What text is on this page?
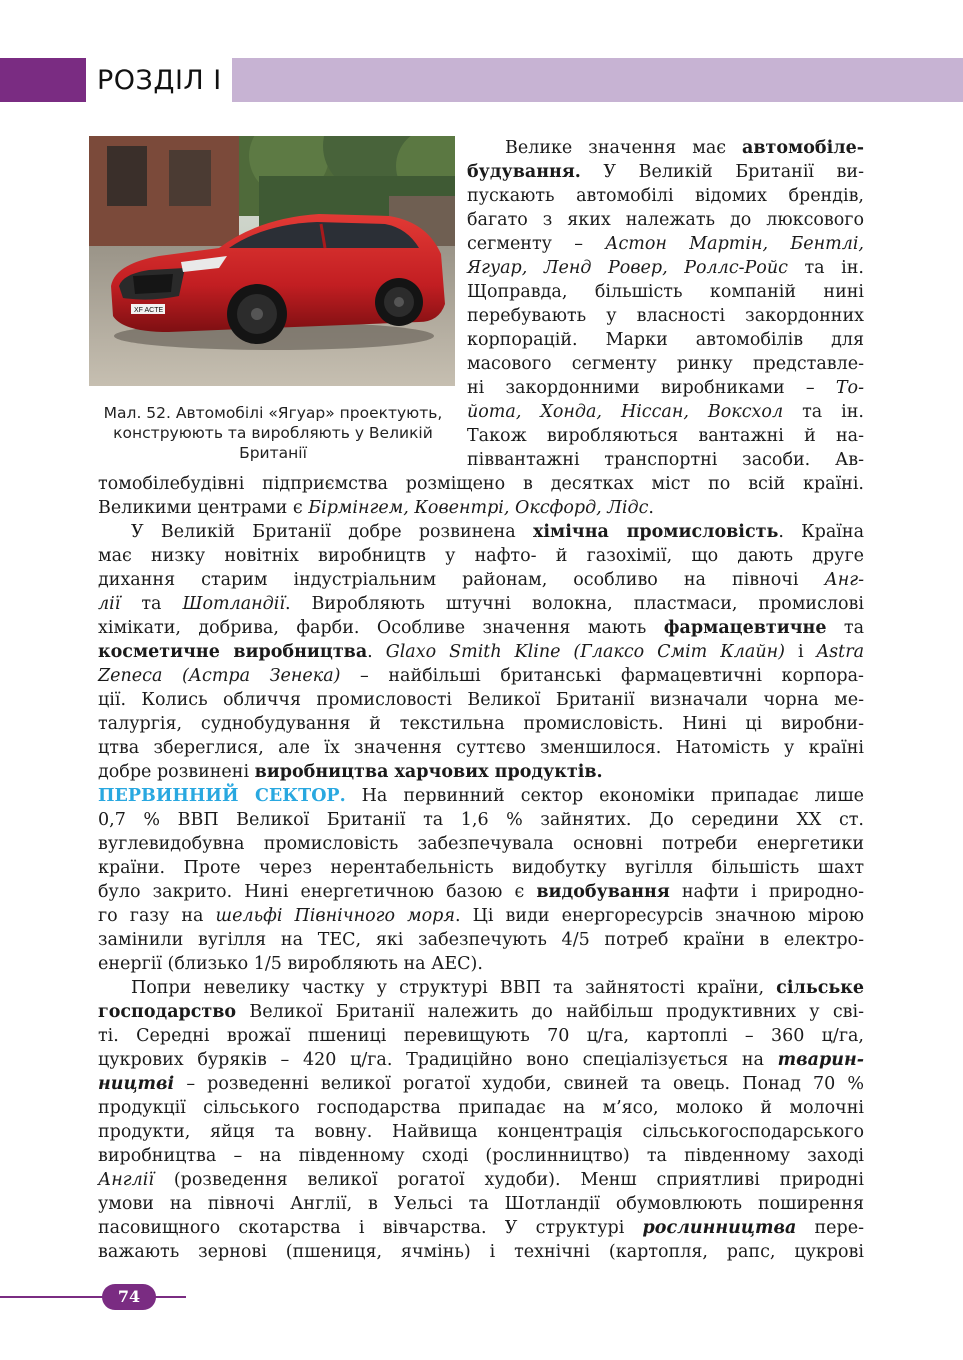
РОЗДІЛ І
XF ACTE
Мал. 52. Автомобілі «Ягуар» проектують, конструюють та виробляють у Великій Британії
Велике значення має автомобіле-
будування. У Великій Британії ви-
пускають автомобілі відомих брендів,
багато з яких належать до люксового
сегменту – Астон Мартін, Бентлі,
Ягуар, Ленд Ровер, Роллс-Ройс та ін.
Щоправда, більшість компаній нині
перебувають у власності закордонних
корпорацій. Марки автомобілів для
масового сегменту ринку представле-
ні закордонними виробниками – То-
йота, Хонда, Ніссан, Воксхол та ін.
Також виробляються вантажні й на-
піввантажні транспортні засоби. Ав-
томобілебудівні підприємства розміщено в десятках міст по всій країні.
Великими центрами є Бірмінгем, Ковентрі, Оксфорд, Лідс.
У Великій Британії добре розвинена хімічна промисловість. Країна
має низку новітніх виробництв у нафто- й газохімії, що дають друге
дихання старим індустріальним районам, особливо на півночі Анг-
лії та Шотландії. Виробляють штучні волокна, пластмаси, промислові
хімікати, добрива, фарби. Особливе значення мають фармацевтичне та
косметичне виробництва. Glaxo Smith Kline (Глаксо Сміт Клайн) і Astra
Zeneca (Астра Зенека) – найбільші британські фармацевтичні корпора-
ції. Колись обличчя промисловості Великої Британії визначали чорна ме-
талургія, суднобудування й текстильна промисловість. Нині ці виробни-
цтва збереглися, але їх значення суттєво зменшилося. Натомість у країні
добре розвинені виробництва харчових продуктів.
ПЕРВИННИЙ СЕКТОР. На первинний сектор економіки припадає лише
0,7 % ВВП Великої Британії та 1,6 % зайнятих. До середини XX ст.
вуглевидобувна промисловість забезпечувала основні потреби енергетики
країни. Проте через нерентабельність видобутку вугілля більшість шахт
було закрито. Нині енергетичною базою є видобування нафти і природно-
го газу на шельфі Північного моря. Ці види енергоресурсів значною мірою
замінили вугілля на ТЕС, які забезпечують 4/5 потреб країни в електро-
енергії (близько 1/5 виробляють на АЕС).
Попри невелику частку у структурі ВВП та зайнятості країни, сільське
господарство Великої Британії належить до найбільш продуктивних у сві-
ті. Середні врожаї пшениці перевищують 70 ц/га, картоплі – 360 ц/га,
цукрових буряків – 420 ц/га. Традиційно воно спеціалізується на тварин-
ництві – розведенні великої рогатої худоби, свиней та овець. Понад 70 %
продукції сільського господарства припадає на м’ясо, молоко й молочні
продукти, яйця та вовну. Найвища концентрація сільськогосподарського
виробництва – на південному сході (рослинництво) та південному заході
Англії (розведення великої рогатої худоби). Менш сприятливі природні
умови на півночі Англії, в Уельсі та Шотландії обумовлюють поширення
пасовищного скотарства і вівчарства. У структурі рослинництва пере-
важають зернові (пшениця, ячмінь) і технічні (картопля, рапс, цукрові
74
